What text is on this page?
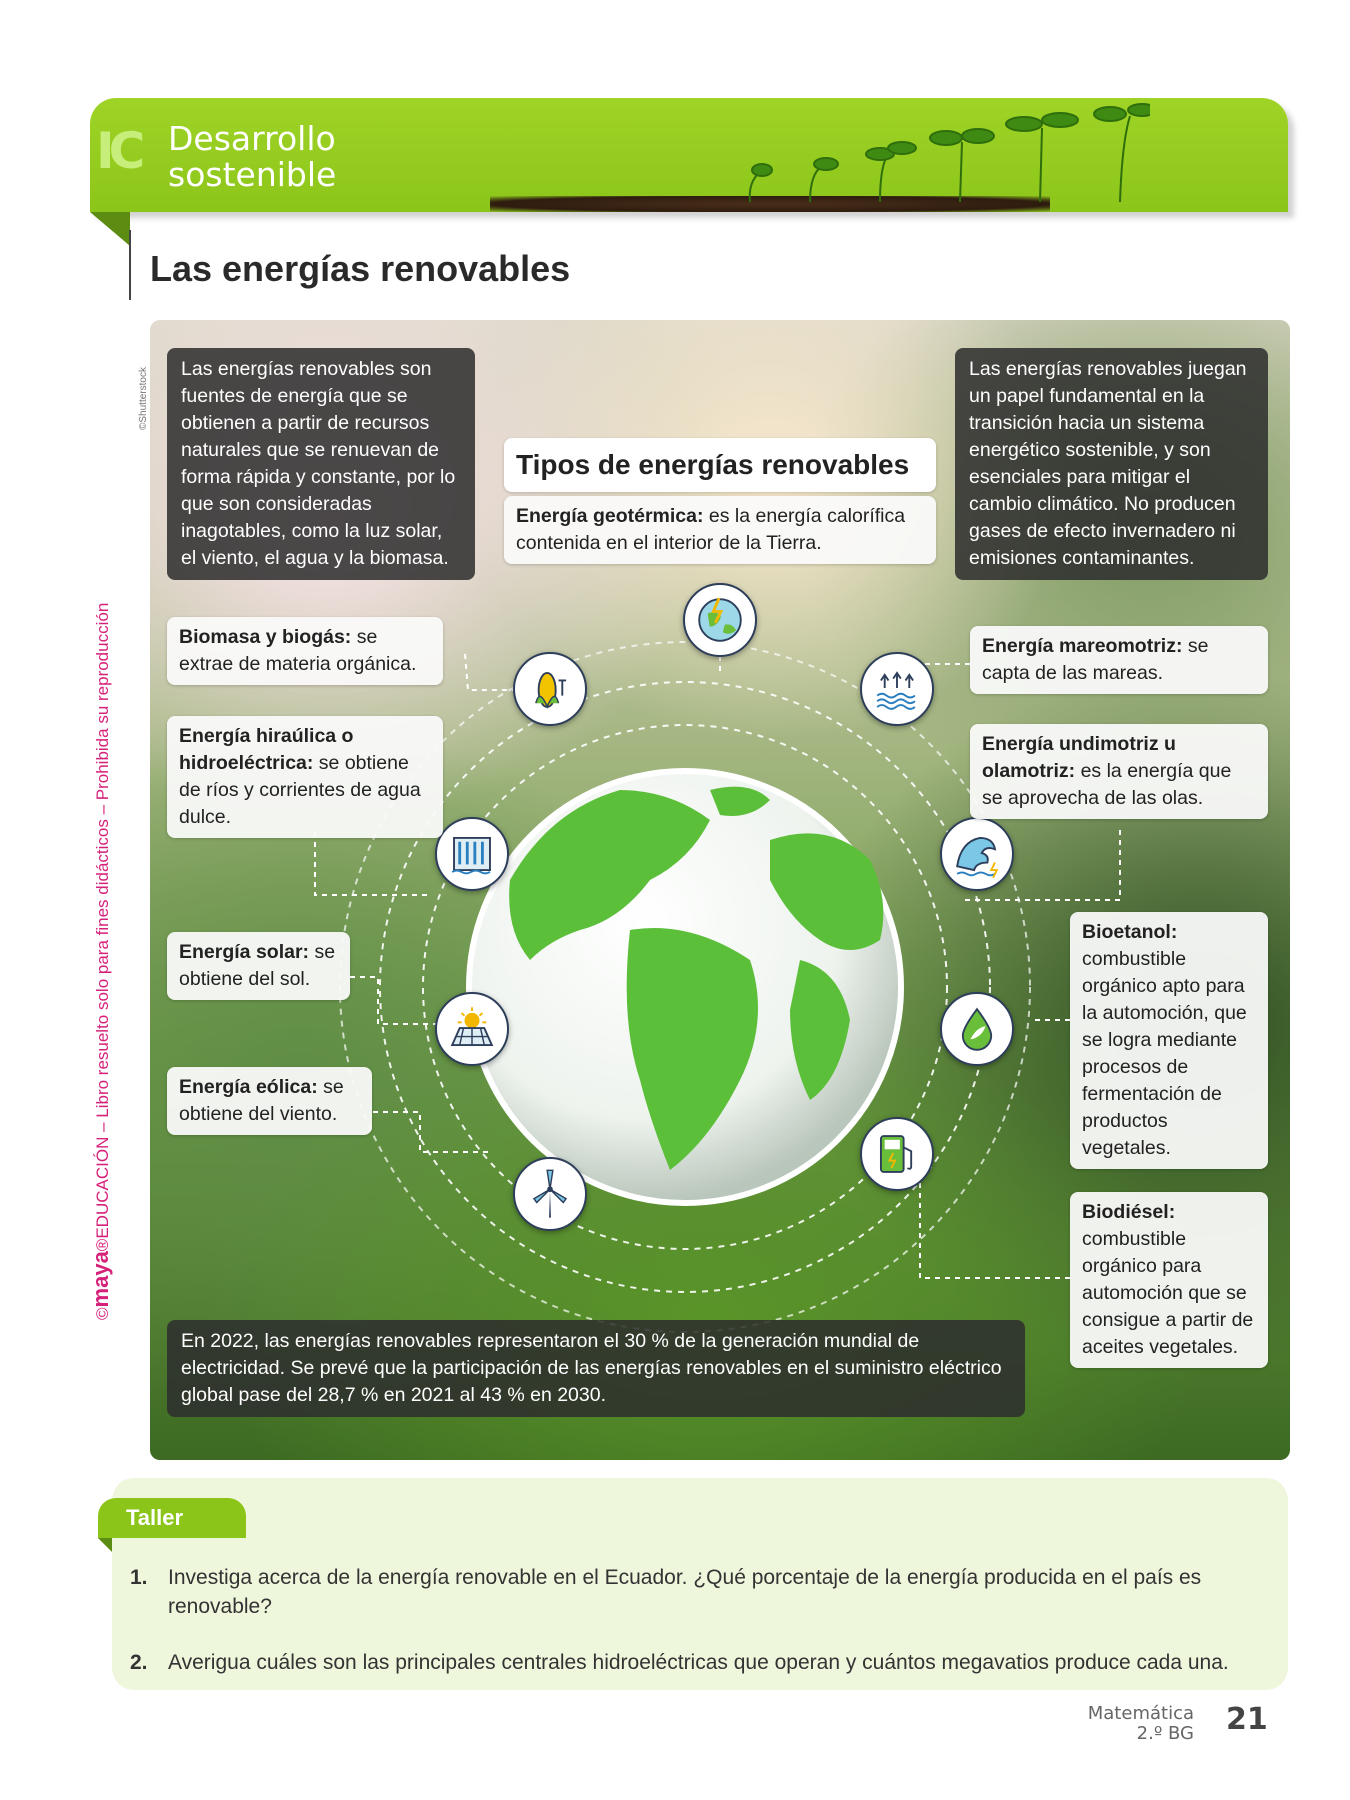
IC Desarrollo
sostenible
Las energías renovables
©maya®EDUCACIÓN – Libro resuelto solo para fines didácticos – Prohibida su reproducción
©Shutterstock	Las energías renovables son fuentes de energía que se obtienen a partir de recursos naturales que se renuevan de forma rápida y constante, por lo que son consideradas inagotables, como la luz solar, el viento, el agua y la biomasa.
Las energías renovables juegan un papel fundamental en la transición hacia un sistema energético sostenible, y son esenciales para mitigar el cambio climático. No producen gases de efecto invernadero ni emisiones contaminantes.
Tipos de energías renovables
Energía geotérmica: es la energía calorífica contenida en el interior de la Tierra.
Biomasa y biogás: se extrae de materia orgánica.
Energía hiraúlica o hidroeléctrica: se obtiene de ríos y corrientes de agua dulce.
Energía solar: se obtiene del sol.
Energía eólica: se obtiene del viento.
Energía mareomotriz: se capta de las mareas.
Energía undimotriz u olamotriz: es la energía que se aprovecha de las olas.
Bioetanol: combustible orgánico apto para la automoción, que se logra mediante procesos de fermentación de productos vegetales.
Biodiésel: combustible orgánico para automoción que se consigue a partir de aceites vegetales.
En 2022, las energías renovables representaron el 30 % de la generación mundial de electricidad. Se prevé que la participación de las energías renovables en el suministro eléctrico global pase del 28,7 % en 2021 al 43 % en 2030.
Taller
1. Investiga acerca de la energía renovable en el Ecuador. ¿Qué porcentaje de la energía producida en el país es renovable?
2. Averigua cuáles son las principales centrales hidroeléctricas que operan y cuántos megavatios produce cada una.
Matemática
2.º BG 21
